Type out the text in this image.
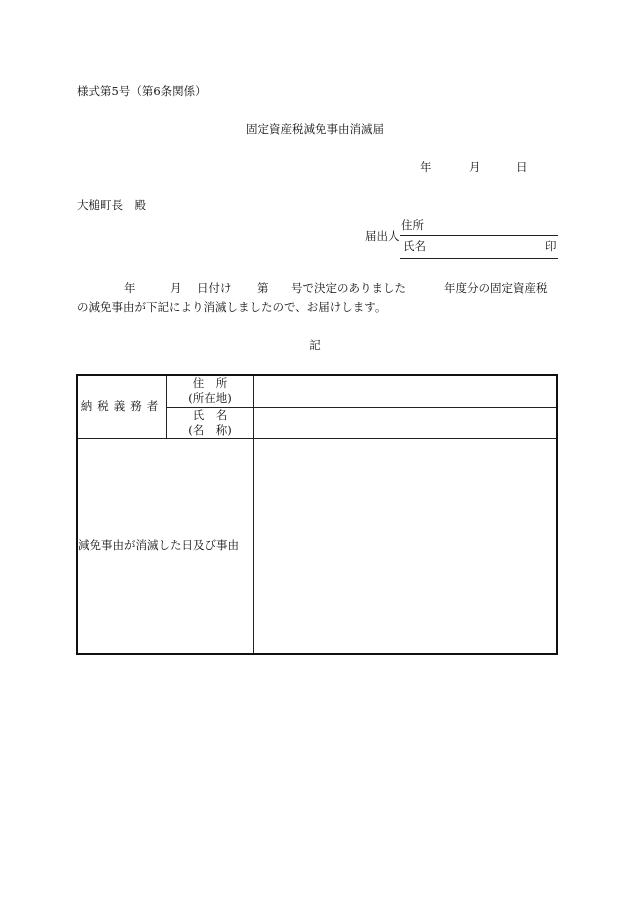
様式第5号（第6条関係）
固定資産税減免事由消滅届
年	月	日
大槌町長　殿
届出人
住所
氏名	印
年	月 日付け 第 号で決定のありました	年度分の固定資産税
の減免事由が下記により消滅しましたので、お届けします。
記
納税義務者	住　所
(所在地)	

	氏　名
(名　称)	

減免事由が消滅した日及び事由		
